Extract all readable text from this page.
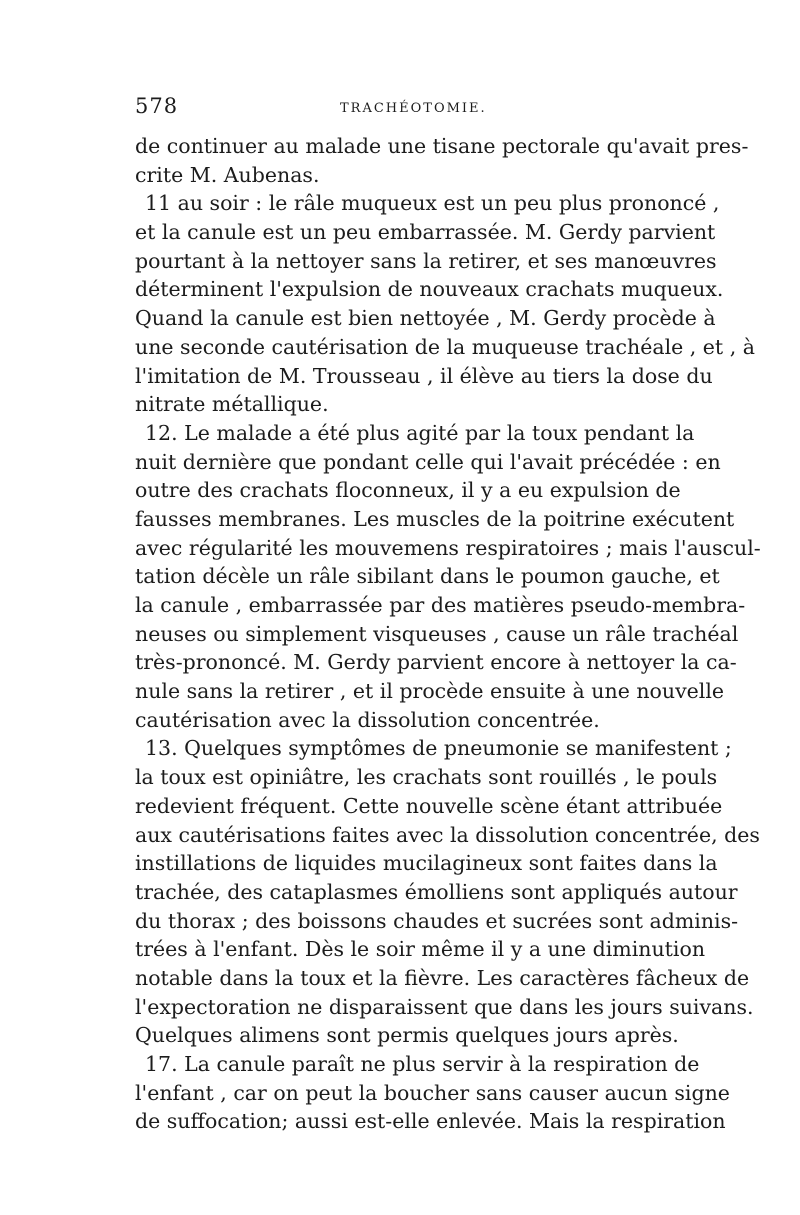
578	TRACHÉOTOMIE.
de continuer au malade une tisane pectorale qu'avait pres-
crite M. Aubenas.
11 au soir : le râle muqueux est un peu plus prononcé ,
et la canule est un peu embarrassée. M. Gerdy parvient
pourtant à la nettoyer sans la retirer, et ses manœuvres
déterminent l'expulsion de nouveaux crachats muqueux.
Quand la canule est bien nettoyée , M. Gerdy procède à
une seconde cautérisation de la muqueuse trachéale , et , à
l'imitation de M. Trousseau , il élève au tiers la dose du
nitrate métallique.
12. Le malade a été plus agité par la toux pendant la
nuit dernière que pondant celle qui l'avait précédée : en
outre des crachats floconneux, il y a eu expulsion de
fausses membranes. Les muscles de la poitrine exécutent
avec régularité les mouvemens respiratoires ; mais l'auscul-
tation décèle un râle sibilant dans le poumon gauche, et
la canule , embarrassée par des matières pseudo-membra-
neuses ou simplement visqueuses , cause un râle trachéal
très-prononcé. M. Gerdy parvient encore à nettoyer la ca-
nule sans la retirer , et il procède ensuite à une nouvelle
cautérisation avec la dissolution concentrée.
13. Quelques symptômes de pneumonie se manifestent ;
la toux est opiniâtre, les crachats sont rouillés , le pouls
redevient fréquent. Cette nouvelle scène étant attribuée
aux cautérisations faites avec la dissolution concentrée, des
instillations de liquides mucilagineux sont faites dans la
trachée, des cataplasmes émolliens sont appliqués autour
du thorax ; des boissons chaudes et sucrées sont adminis-
trées à l'enfant. Dès le soir même il y a une diminution
notable dans la toux et la fièvre. Les caractères fâcheux de
l'expectoration ne disparaissent que dans les jours suivans.
Quelques alimens sont permis quelques jours après.
17. La canule paraît ne plus servir à la respiration de
l'enfant , car on peut la boucher sans causer aucun signe
de suffocation; aussi est-elle enlevée. Mais la respiration
